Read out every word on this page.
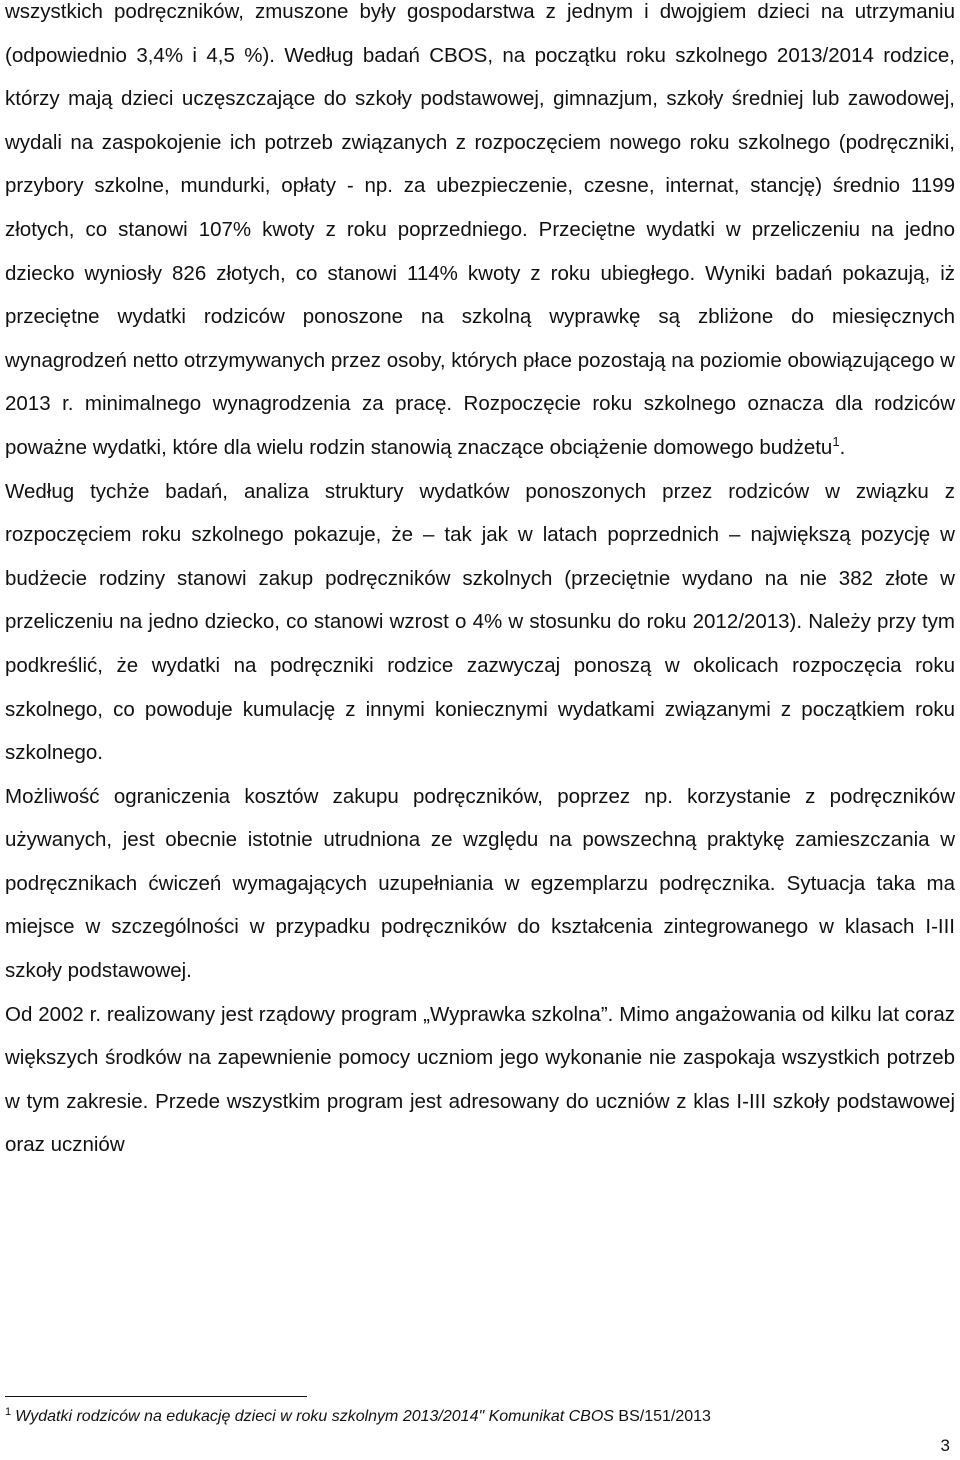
wszystkich podręczników, zmuszone były gospodarstwa z jednym i dwojgiem dzieci na utrzymaniu (odpowiednio 3,4% i 4,5 %). Według badań CBOS, na początku roku szkolnego 2013/2014 rodzice, którzy mają dzieci uczęszczające do szkoły podstawowej, gimnazjum, szkoły średniej lub zawodowej, wydali na zaspokojenie ich potrzeb związanych z rozpoczęciem nowego roku szkolnego (podręczniki, przybory szkolne, mundurki, opłaty - np. za ubezpieczenie, czesne, internat, stancję) średnio 1199 złotych, co stanowi 107% kwoty z roku poprzedniego. Przeciętne wydatki w przeliczeniu na jedno dziecko wyniosły 826 złotych, co stanowi 114% kwoty z roku ubiegłego. Wyniki badań pokazują, iż przeciętne wydatki rodziców ponoszone na szkolną wyprawkę są zbliżone do miesięcznych wynagrodzeń netto otrzymywanych przez osoby, których płace pozostają na poziomie obowiązującego w 2013 r. minimalnego wynagrodzenia za pracę. Rozpoczęcie roku szkolnego oznacza dla rodziców poważne wydatki, które dla wielu rodzin stanowią znaczące obciążenie domowego budżetu$^1$.

Według tychże badań, analiza struktury wydatków ponoszonych przez rodziców w związku z rozpoczęciem roku szkolnego pokazuje, że – tak jak w latach poprzednich – największą pozycję w budżecie rodziny stanowi zakup podręczników szkolnych (przeciętnie wydano na nie 382 złote w przeliczeniu na jedno dziecko, co stanowi wzrost o 4% w stosunku do roku 2012/2013). Należy przy tym podkreślić, że wydatki na podręczniki rodzice zazwyczaj ponoszą w okolicach rozpoczęcia roku szkolnego, co powoduje kumulację z innymi koniecznymi wydatkami związanymi z początkiem roku szkolnego.

Możliwość ograniczenia kosztów zakupu podręczników, poprzez np. korzystanie z podręczników używanych, jest obecnie istotnie utrudniona ze względu na powszechną praktykę zamieszczania w podręcznikach ćwiczeń wymagających uzupełniania w egzemplarzu podręcznika. Sytuacja taka ma miejsce w szczególności w przypadku podręczników do kształcenia zintegrowanego w klasach I-III szkoły podstawowej.

Od 2002 r. realizowany jest rządowy program „Wyprawka szkolna”. Mimo angażowania od kilku lat coraz większych środków na zapewnienie pomocy uczniom jego wykonanie nie zaspokaja wszystkich potrzeb w tym zakresie. Przede wszystkim program jest adresowany do uczniów z klas I-III szkoły podstawowej oraz uczniów

$^1$ Wydatki rodziców na edukację dzieci w roku szkolnym 2013/2014" Komunikat CBOS BS/151/2013
3
